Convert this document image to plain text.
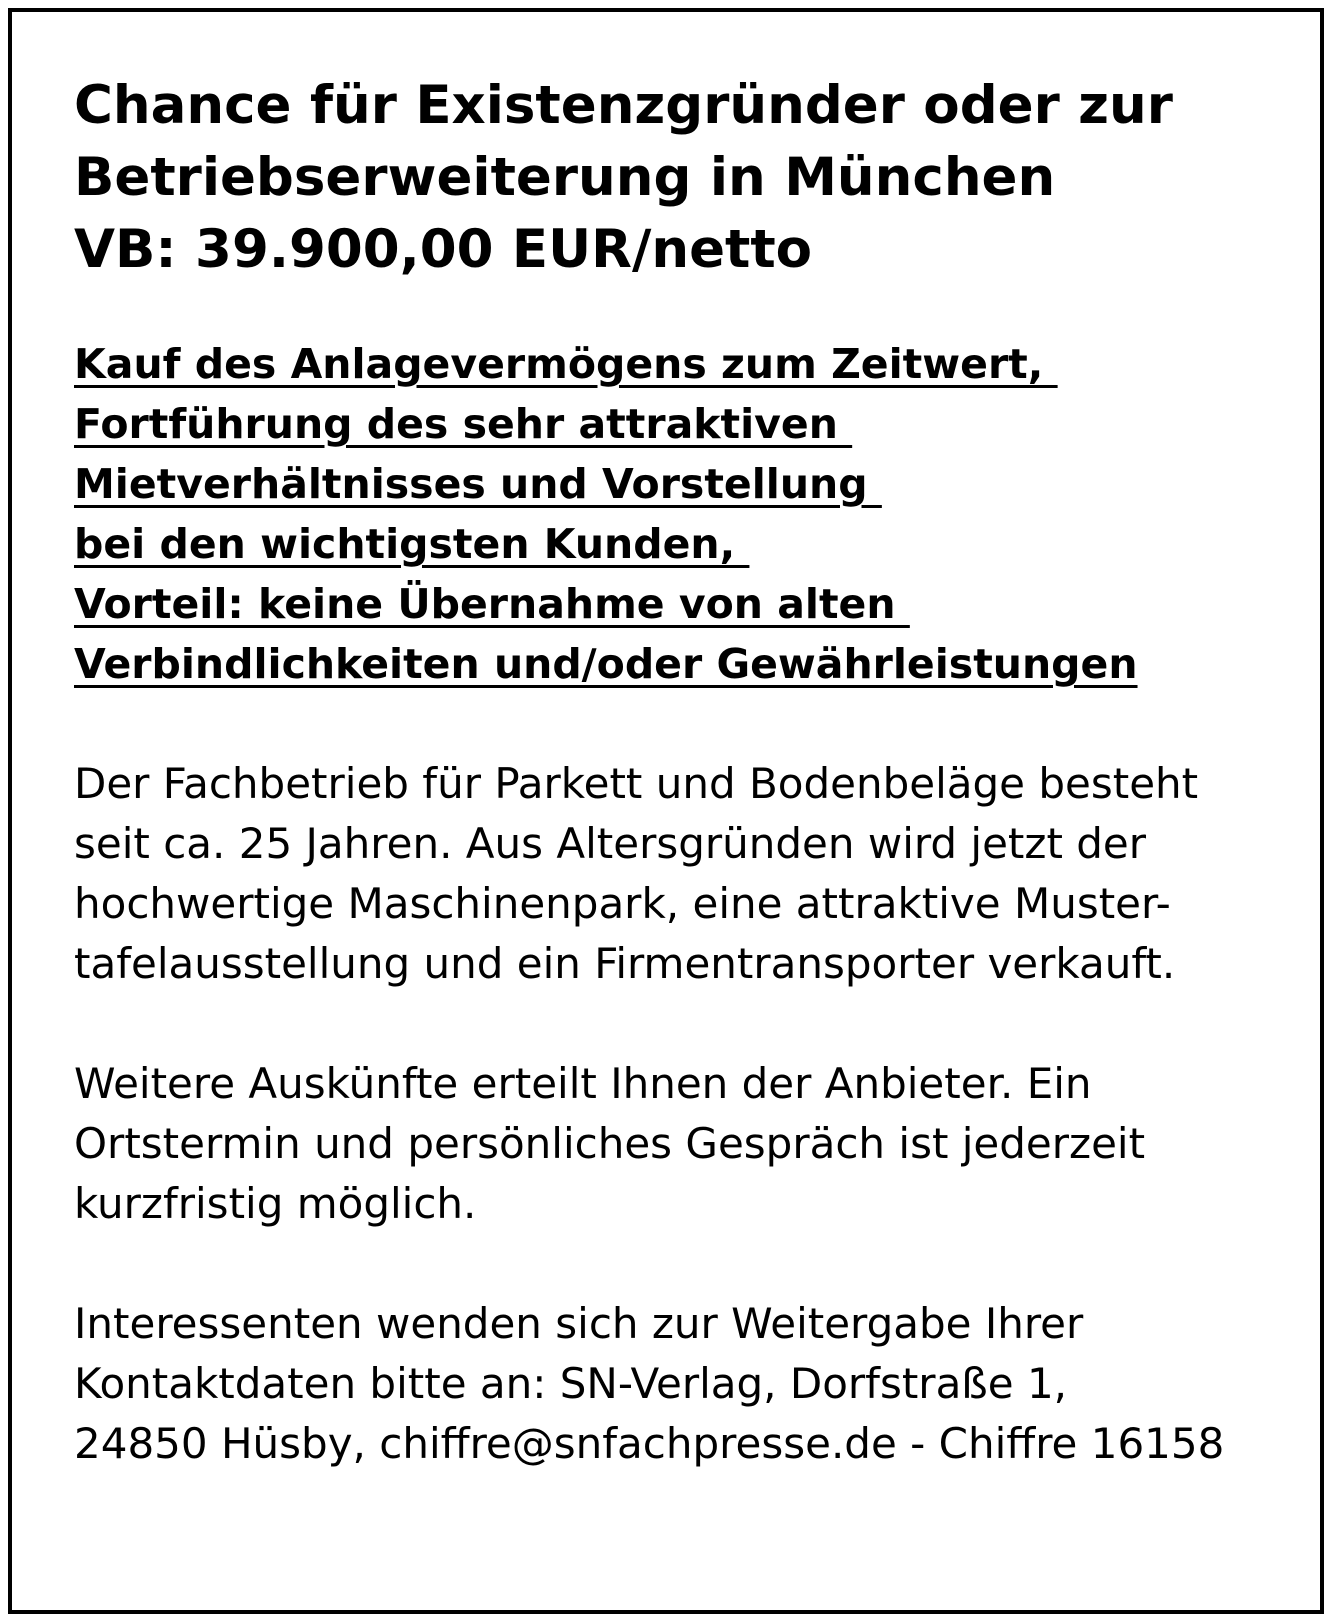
Chance für Existenzgründer oder zur
Betriebserweiterung in München
VB: 39.900,00 EUR/netto
Kauf des Anlagevermögens zum Zeitwert,
Fortführung des sehr attraktiven
Mietverhältnisses und Vorstellung
bei den wichtigsten Kunden,
Vorteil: keine Übernahme von alten
Verbindlichkeiten und/oder Gewährleistungen

Der Fachbetrieb für Parkett und Bodenbeläge besteht
seit ca. 25 Jahren. Aus Altersgründen wird jetzt der
hochwertige Maschinenpark, eine attraktive Muster-
tafelausstellung und ein Firmentransporter verkauft.

Weitere Auskünfte erteilt Ihnen der Anbieter. Ein
Ortstermin und persönliches Gespräch ist jederzeit
kurzfristig möglich.

Interessenten wenden sich zur Weitergabe Ihrer
Kontaktdaten bitte an: SN-Verlag, Dorfstraße 1,
24850 Hüsby, chiffre@snfachpresse.de - Chiffre 16158
